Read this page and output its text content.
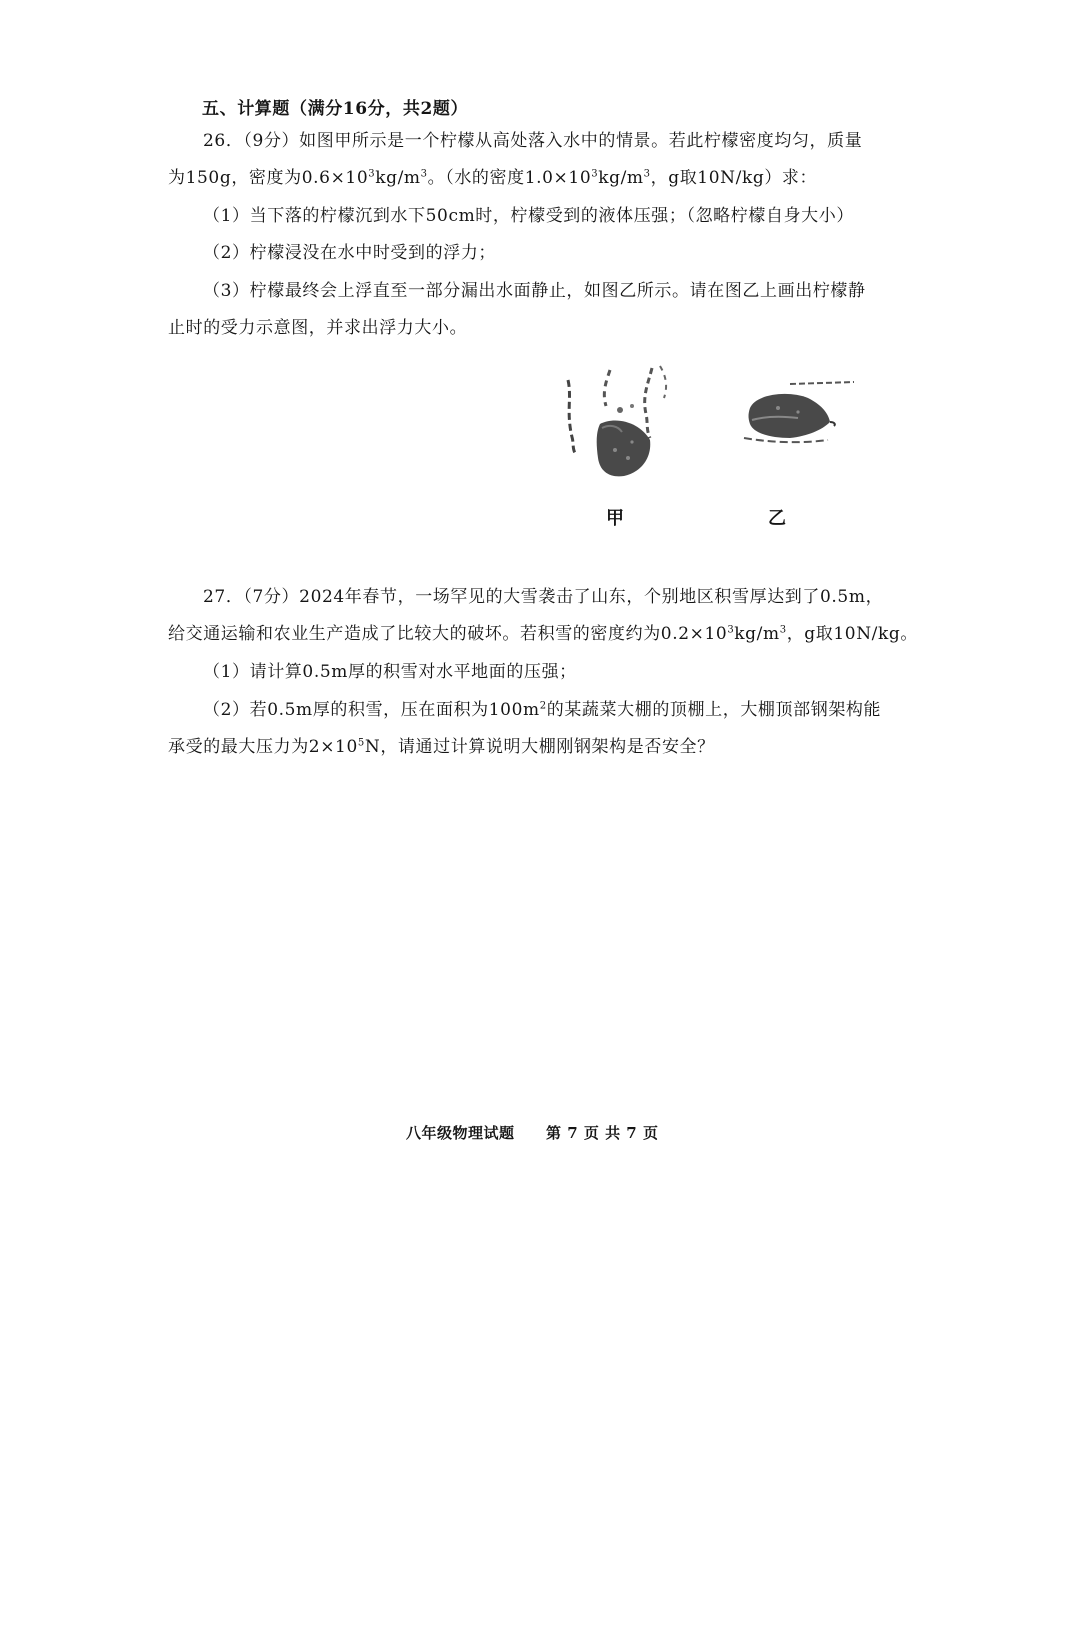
五、计算题（满分16分，共2题）
26．（9分）如图甲所示是一个柠檬从高处落入水中的情景。若此柠檬密度均匀，质量
为150g，密度为$0.6\times 10^3kg/m^3$。（水的密度$1.0\times 10^3kg/m^3$，g取10N/kg）求：
（1）当下落的柠檬沉到水下50cm时，柠檬受到的液体压强；（忽略柠檬自身大小）
（2）柠檬浸没在水中时受到的浮力；
（3）柠檬最终会上浮直至一部分漏出水面静止，如图乙所示。请在图乙上画出柠檬静
止时的受力示意图，并求出浮力大小。
甲	乙
27．（7分）2024年春节，一场罕见的大雪袭击了山东，个别地区积雪厚达到了0.5m，
给交通运输和农业生产造成了比较大的破坏。若积雪的密度约为$0.2\times 10^3kg/m^3$，g取10N/kg。
（1）请计算0.5m厚的积雪对水平地面的压强；
（2）若0.5m厚的积雪，压在面积为$100m^2$的某蔬菜大棚的顶棚上，大棚顶部钢架构能
承受的最大压力为$2\times 10^5N$，请通过计算说明大棚刚钢架构是否安全？
八年级物理试题 第 7 页 共 7 页
